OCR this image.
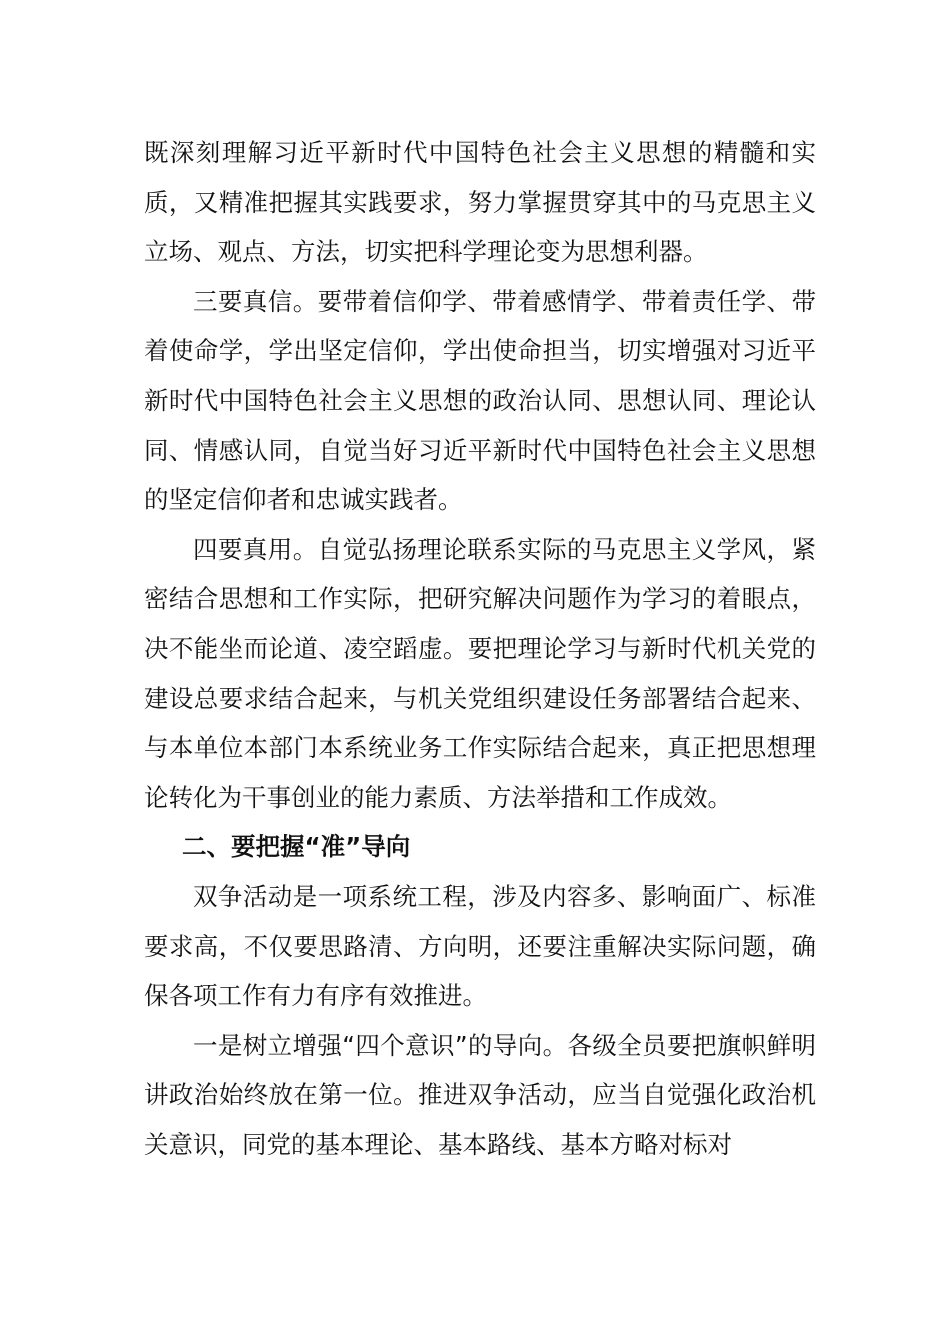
既深刻理解习近平新时代中国特色社会主义思想的精髓和实质，又精准把握其实践要求，努力掌握贯穿其中的马克思主义立场、观点、方法，切实把科学理论变为思想利器。

三要真信。要带着信仰学、带着感情学、带着责任学、带着使命学，学出坚定信仰，学出使命担当，切实增强对习近平新时代中国特色社会主义思想的政治认同、思想认同、理论认同、情感认同，自觉当好习近平新时代中国特色社会主义思想的坚定信仰者和忠诚实践者。

四要真用。自觉弘扬理论联系实际的马克思主义学风，紧密结合思想和工作实际，把研究解决问题作为学习的着眼点，决不能坐而论道、凌空蹈虚。要把理论学习与新时代机关党的建设总要求结合起来，与机关党组织建设任务部署结合起来、与本单位本部门本系统业务工作实际结合起来，真正把思想理论转化为干事创业的能力素质、方法举措和工作成效。

二、要把握“准”导向

双争活动是一项系统工程，涉及内容多、影响面广、标准要求高，不仅要思路清、方向明，还要注重解决实际问题，确保各项工作有力有序有效推进。

一是树立增强“四个意识”的导向。各级全员要把旗帜鲜明讲政治始终放在第一位。推进双争活动，应当自觉强化政治机关意识，同党的基本理论、基本路线、基本方略对标对
